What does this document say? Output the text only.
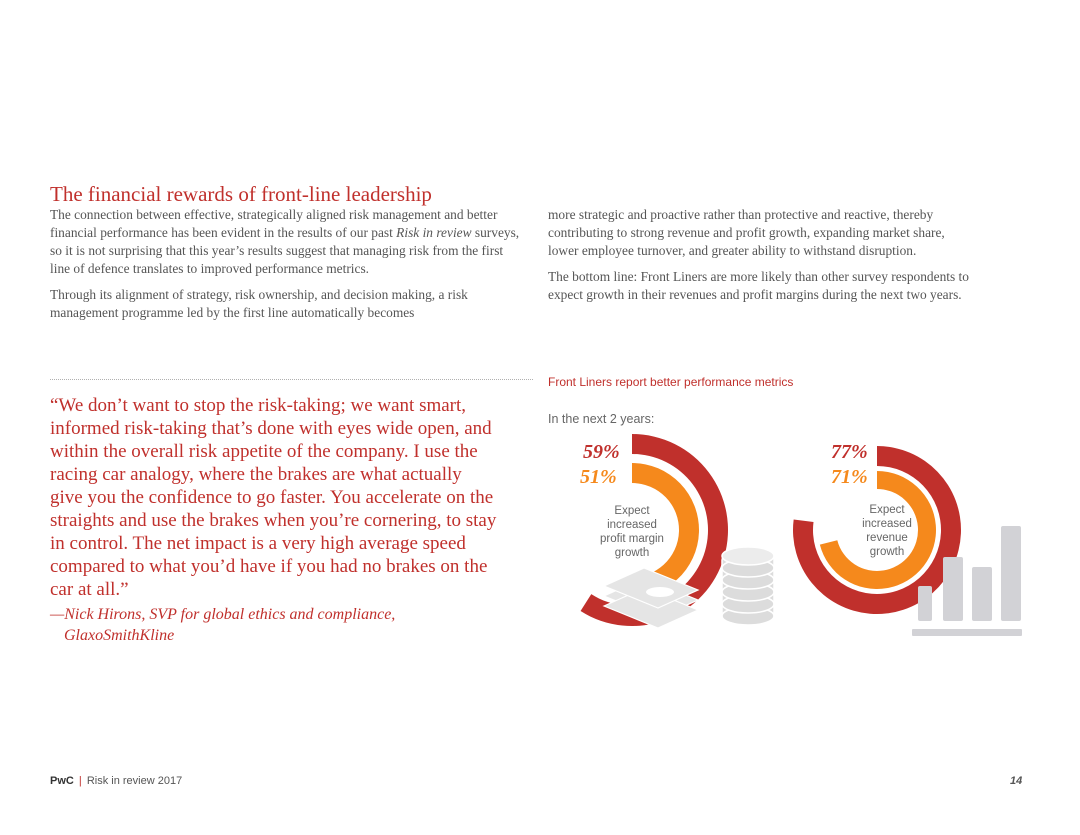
The financial rewards of front-line leadership

The connection between effective, strategically aligned risk management and better financial performance has been evident in the results of our past Risk in review surveys, so it is not surprising that this year’s results suggest that managing risk from the first line of defence translates to improved performance metrics.

Through its alignment of strategy, risk ownership, and decision making, a risk management programme led by the first line automatically becomes

more strategic and proactive rather than protective and reactive, thereby contributing to strong revenue and profit growth, expanding market share, lower employee turnover, and greater ability to withstand disruption.

The bottom line: Front Liners are more likely than other survey respondents to expect growth in their revenues and profit margins during the next two years.

“We don’t want to stop the risk-taking; we want smart,
informed risk-taking that’s done with eyes wide open, and
within the overall risk appetite of the company. I use the
racing car analogy, where the brakes are what actually
give you the confidence to go faster. You accelerate on the
straights and use the brakes when you’re cornering, to stay
in control. The net impact is a very high average speed
compared to what you’d have if you had no brakes on the
car at all.”
—Nick Hirons, SVP for global ethics and compliance,
GlaxoSmithKline
Front Liners report better performance metrics
In the next 2 years:
59%
51%
77%
71%
Expect
increased
profit margin
growth
Expect
increased
revenue
growth
PwC | Risk in review 2017	14
